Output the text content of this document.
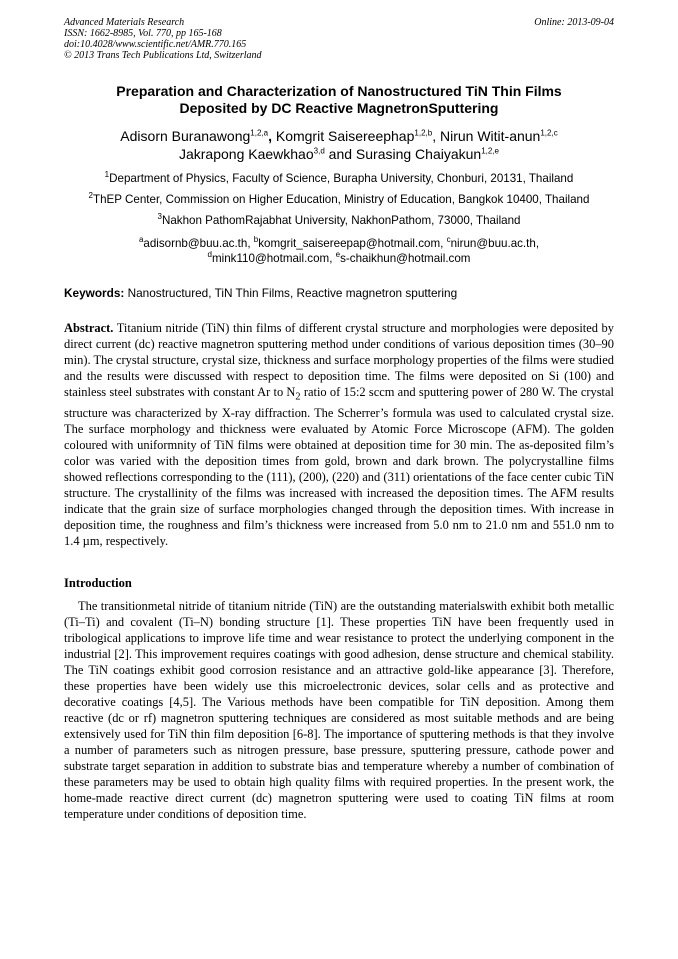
Advanced Materials Research
ISSN: 1662-8985, Vol. 770, pp 165-168
doi:10.4028/www.scientific.net/AMR.770.165
© 2013 Trans Tech Publications Ltd, Switzerland
Online: 2013-09-04
Preparation and Characterization of Nanostructured TiN Thin Films
Deposited by DC Reactive MagnetronSputtering
Adisorn Buranawong$^{1,2,a}$, Komgrit Saisereephap$^{1,2,b}$, Nirun Witit-anun$^{1,2,c}$
Jakrapong Kaewkhao$^{3,d}$ and Surasing Chaiyakun$^{1,2,e}$
$^1$Department of Physics, Faculty of Science, Burapha University, Chonburi, 20131, Thailand
$^2$ThEP Center, Commission on Higher Education, Ministry of Education, Bangkok 10400, Thailand
$^3$Nakhon PathomRajabhat University, NakhonPathom, 73000, Thailand
$^a$adisornb@buu.ac.th, $^b$komgrit_saisereepap@hotmail.com, $^c$nirun@buu.ac.th,
$^d$mink110@hotmail.com, $^e$s-chaikhun@hotmail.com
Keywords: Nanostructured, TiN Thin Films, Reactive magnetron sputtering
Abstract. Titanium nitride (TiN) thin films of different crystal structure and morphologies were deposited by direct current (dc) reactive magnetron sputtering method under conditions of various deposition times (30–90 min). The crystal structure, crystal size, thickness and surface morphology properties of the films were studied and the results were discussed with respect to deposition time. The films were deposited on Si (100) and stainless steel substrates with constant Ar to $N_2$ ratio of 15:2 sccm and sputtering power of 280 W. The crystal structure was characterized by X-ray diffraction. The Scherrer’s formula was used to calculated crystal size. The surface morphology and thickness were evaluated by Atomic Force Microscope (AFM). The golden coloured with uniformnity of TiN films were obtained at deposition time for 30 min. The as-deposited film’s color was varied with the deposition times from gold, brown and dark brown. The polycrystalline films showed reflections corresponding to the (111), (200), (220) and (311) orientations of the face center cubic TiN structure. The crystallinity of the films was increased with increased the deposition times. The AFM results indicate that the grain size of surface morphologies changed through the deposition times. With increase in deposition time, the roughness and film’s thickness were increased from 5.0 nm to 21.0 nm and 551.0 nm to 1.4 µm, respectively.
Introduction
The transitionmetal nitride of titanium nitride (TiN) are the outstanding materialswith exhibit both metallic (Ti–Ti) and covalent (Ti–N) bonding structure [1]. These properties TiN have been frequently used in tribological applications to improve life time and wear resistance to protect the underlying component in the industrial [2]. This improvement requires coatings with good adhesion, dense structure and chemical stability. The TiN coatings exhibit good corrosion resistance and an attractive gold-like appearance [3]. Therefore, these properties have been widely use this microelectronic devices, solar cells and as protective and decorative coatings [4,5]. The Various methods have been compatible for TiN deposition. Among them reactive (dc or rf) magnetron sputtering techniques are considered as most suitable methods and are being extensively used for TiN thin film deposition [6-8]. The importance of sputtering methods is that they involve a number of parameters such as nitrogen pressure, base pressure, sputtering pressure, cathode power and substrate target separation in addition to substrate bias and temperature whereby a number of combination of these parameters may be used to obtain high quality films with required properties. In the present work, the home-made reactive direct current (dc) magnetron sputtering were used to coating TiN films at room temperature under conditions of deposition time.
